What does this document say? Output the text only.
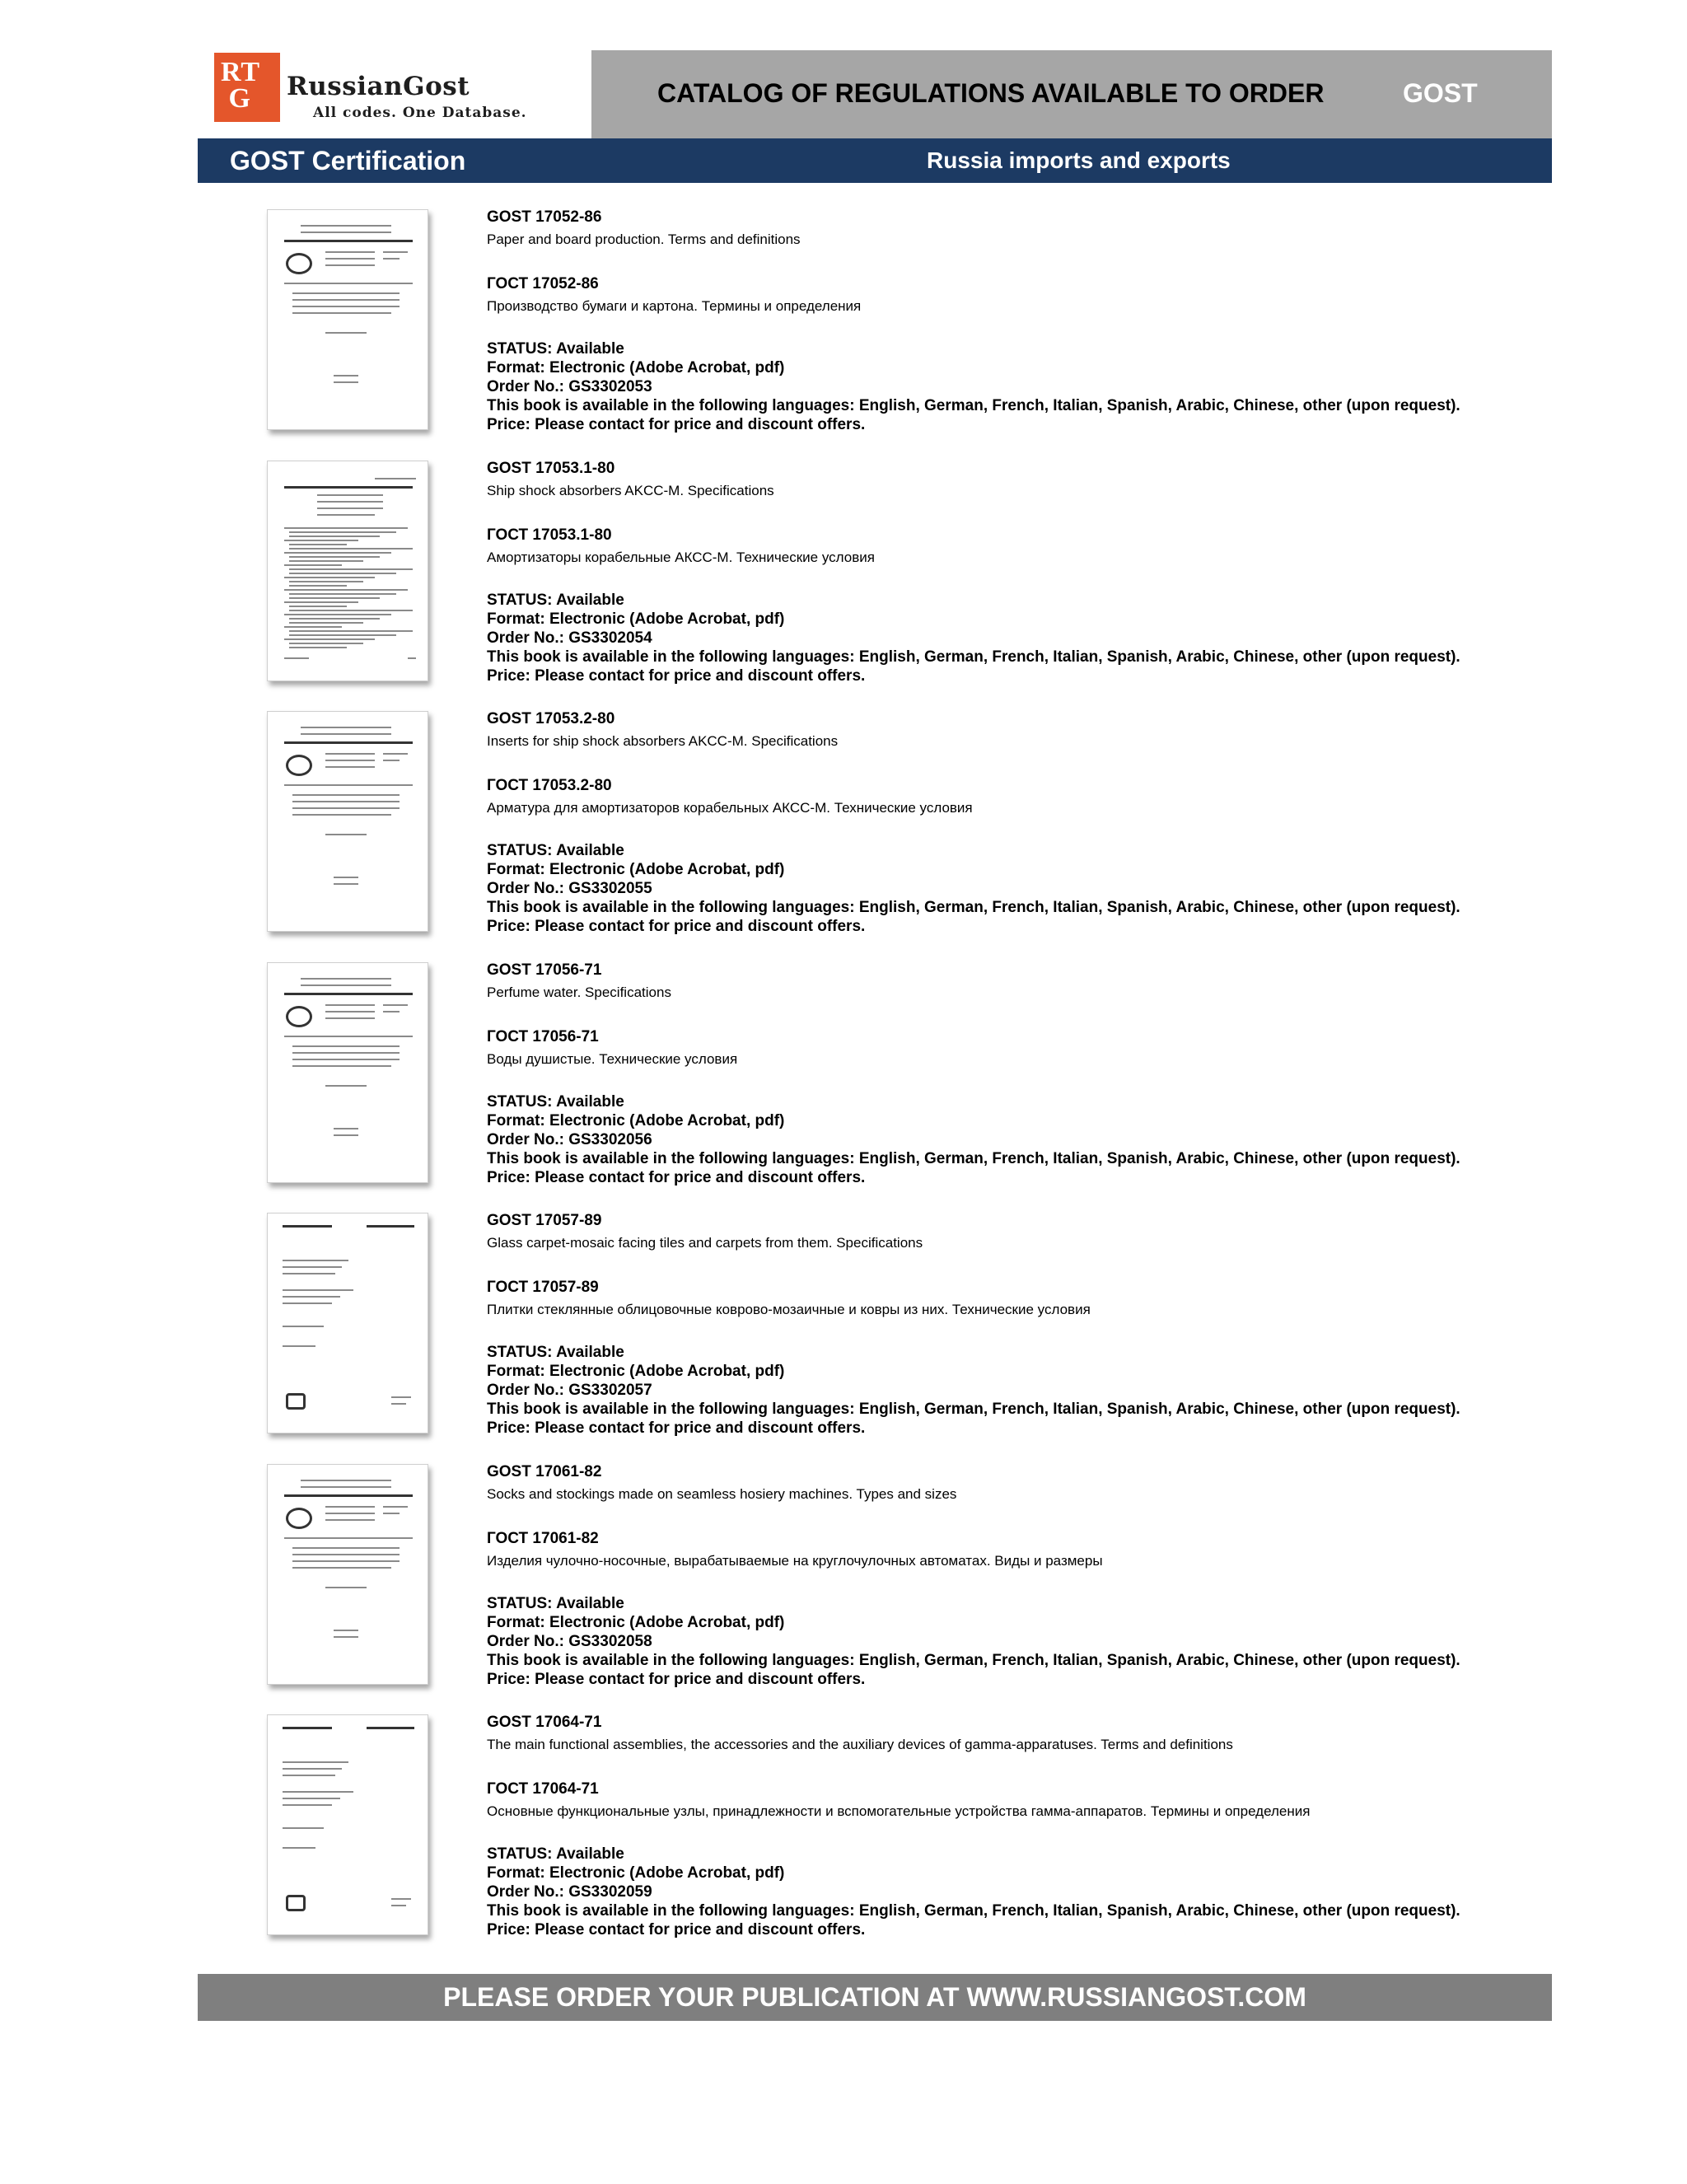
RT
G	RussianGost
All codes. One Database.
CATALOG OF REGULATIONS AVAILABLE TO ORDER	GOST
GOST Certification	Russia imports and exports
GOST 17052-86
Paper and board production. Terms and definitions
ГОСТ 17052-86
Производство бумаги и картона. Термины и определения
STATUS: Available
Format: Electronic (Adobe Acrobat, pdf)
Order No.: GS3302053
This book is available in the following languages: English, German, French, Italian, Spanish, Arabic, Chinese, other (upon request).
Price: Please contact for price and discount offers.
GOST 17053.1-80
Ship shock absorbers AKCC-M. Specifications
ГОСТ 17053.1-80
Амортизаторы корабельные АКСС-М. Технические условия
STATUS: Available
Format: Electronic (Adobe Acrobat, pdf)
Order No.: GS3302054
This book is available in the following languages: English, German, French, Italian, Spanish, Arabic, Chinese, other (upon request).
Price: Please contact for price and discount offers.
GOST 17053.2-80
Inserts for ship shock absorbers AKCC-M. Specifications
ГОСТ 17053.2-80
Арматура для амортизаторов корабельных АКСС-М. Технические условия
STATUS: Available
Format: Electronic (Adobe Acrobat, pdf)
Order No.: GS3302055
This book is available in the following languages: English, German, French, Italian, Spanish, Arabic, Chinese, other (upon request).
Price: Please contact for price and discount offers.
GOST 17056-71
Perfume water. Specifications
ГОСТ 17056-71
Воды душистые. Технические условия
STATUS: Available
Format: Electronic (Adobe Acrobat, pdf)
Order No.: GS3302056
This book is available in the following languages: English, German, French, Italian, Spanish, Arabic, Chinese, other (upon request).
Price: Please contact for price and discount offers.
GOST 17057-89
Glass carpet-mosaic facing tiles and carpets from them. Specifications
ГОСТ 17057-89
Плитки стеклянные облицовочные коврово-мозаичные и ковры из них. Технические условия
STATUS: Available
Format: Electronic (Adobe Acrobat, pdf)
Order No.: GS3302057
This book is available in the following languages: English, German, French, Italian, Spanish, Arabic, Chinese, other (upon request).
Price: Please contact for price and discount offers.
GOST 17061-82
Socks and stockings made on seamless hosiery machines. Types and sizes
ГОСТ 17061-82
Изделия чулочно-носочные, вырабатываемые на круглочулочных автоматах. Виды и размеры
STATUS: Available
Format: Electronic (Adobe Acrobat, pdf)
Order No.: GS3302058
This book is available in the following languages: English, German, French, Italian, Spanish, Arabic, Chinese, other (upon request).
Price: Please contact for price and discount offers.
GOST 17064-71
The main functional assemblies, the accessories and the auxiliary devices of gamma-apparatuses. Terms and definitions
ГОСТ 17064-71
Основные функциональные узлы, принадлежности и вспомогательные устройства гамма-аппаратов. Термины и определения
STATUS: Available
Format: Electronic (Adobe Acrobat, pdf)
Order No.: GS3302059
This book is available in the following languages: English, German, French, Italian, Spanish, Arabic, Chinese, other (upon request).
Price: Please contact for price and discount offers.
PLEASE ORDER YOUR PUBLICATION AT WWW.RUSSIANGOST.COM
